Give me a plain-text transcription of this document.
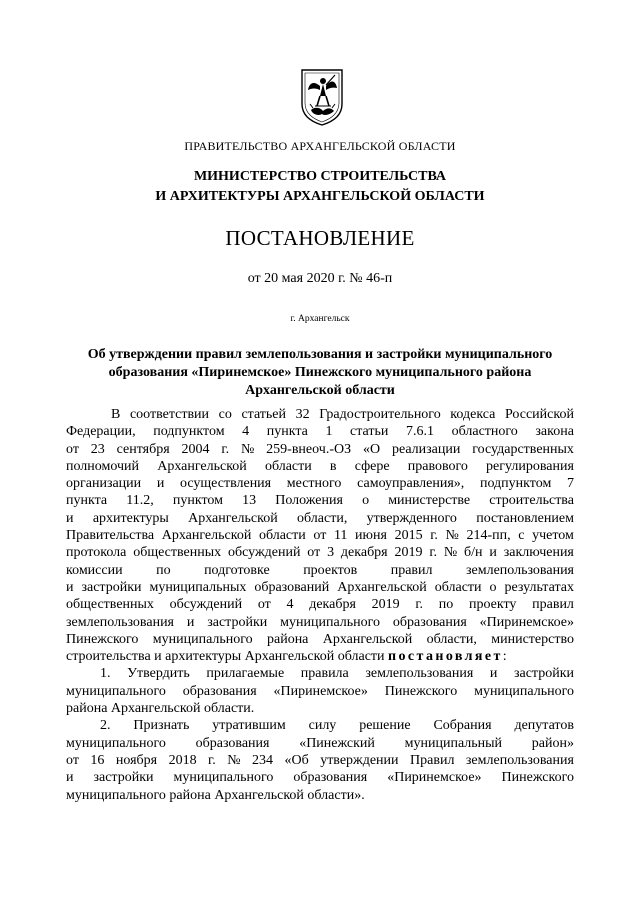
ПРАВИТЕЛЬСТВО АРХАНГЕЛЬСКОЙ ОБЛАСТИ
МИНИСТЕРСТВО СТРОИТЕЛЬСТВА
И АРХИТЕКТУРЫ АРХАНГЕЛЬСКОЙ ОБЛАСТИ
ПОСТАНОВЛЕНИЕ
от 20 мая 2020 г. № 46-п
г. Архангельск
Об утверждении правил землепользования и застройки муниципального
образования «Пиринемское» Пинежского муниципального района
Архангельской области
В соответствии со статьей 32 Градостроительного кодекса Российской
Федерации, подпунктом 4 пункта 1 статьи 7.6.1 областного закона
от 23 сентября 2004 г. № 259-внеоч.-ОЗ «О реализации государственных
полномочий Архангельской области в сфере правового регулирования
организации и осуществления местного самоуправления», подпунктом 7
пункта 11.2, пунктом 13 Положения о министерстве строительства
и архитектуры Архангельской области, утвержденного постановлением
Правительства Архангельской области от 11 июня 2015 г. № 214-пп, с учетом
протокола общественных обсуждений от 3 декабря 2019 г. № б/н и заключения
комиссии по подготовке проектов правил землепользования
и застройки муниципальных образований Архангельской области о результатах
общественных обсуждений от 4 декабря 2019 г. по проекту правил
землепользования и застройки муниципального образования «Пиринемское»
Пинежского муниципального района Архангельской области, министерство
строительства и архитектуры Архангельской области
постановляет :
1. Утвердить прилагаемые правила землепользования и застройки
муниципального образования «Пиринемское» Пинежского муниципального
района Архангельской области.
2. Признать утратившим силу решение Собрания депутатов
муниципального образования «Пинежский муниципальный район»
от 16 ноября 2018 г. № 234 «Об утверждении Правил землепользования
и застройки муниципального образования «Пиринемское» Пинежского
муниципального района Архангельской области».
